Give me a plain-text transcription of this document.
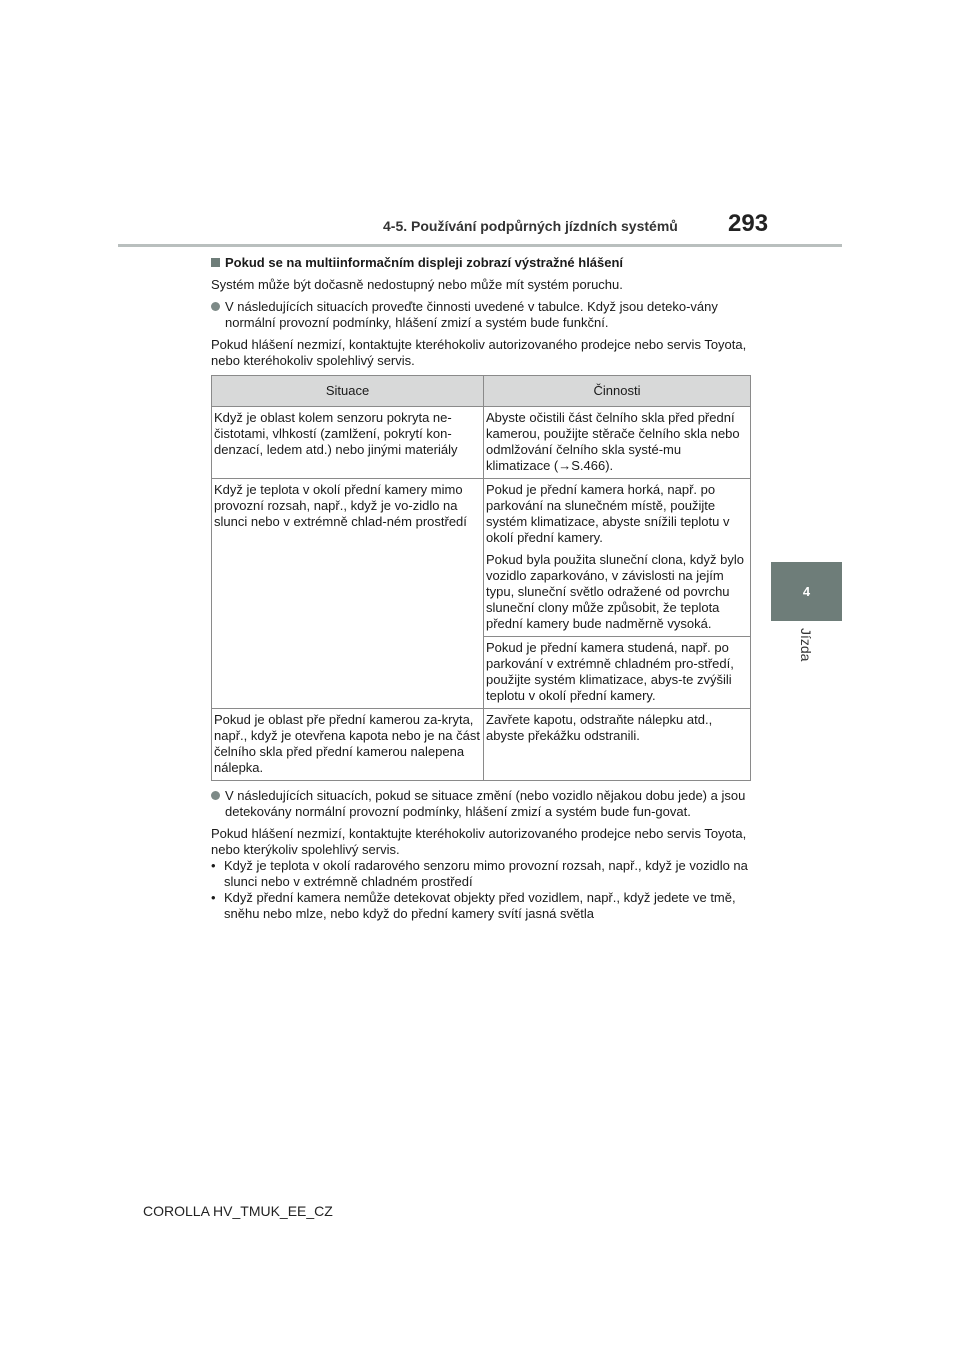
4-5. Používání podpůrných jízdních systémů	293
4
Jízda
Pokud se na multiinformačním displeji zobrazí výstražné hlášení

Systém může být dočasně nedostupný nebo může mít systém poruchu.

V následujících situacích proveďte činnosti uvedené v tabulce. Když jsou deteko-vány normální provozní podmínky, hlášení zmizí a systém bude funkční.

Pokud hlášení nezmizí, kontaktujte kteréhokoliv autorizovaného prodejce nebo servis Toyota, nebo kteréhokoliv spolehlivý servis.

Situace	Činnosti
Když je oblast kolem senzoru pokryta ne-čistotami, vlhkostí (zamlžení, pokrytí kon-denzací, ledem atd.) nebo jinými materiály	Abyste očistili část čelního skla před přední kamerou, použijte stěrače čelního skla nebo odmlžování čelního skla systé-mu klimatizace (→S.466).
Když je teplota v okolí přední kamery mimo provozní rozsah, např., když je vo-zidlo na slunci nebo v extrémně chlad-ném prostředí	Pokud je přední kamera horká, např. po parkování na slunečném místě, použijte systém klimatizace, abyste snížili teplotu v okolí přední kamery.

Pokud byla použita sluneční clona, když bylo vozidlo zaparkováno, v závislosti na jejím typu, sluneční světlo odražené od povrchu sluneční clony může způsobit, že teplota přední kamery bude nadměrně vysoká.

	Pokud je přední kamera studená, např. po parkování v extrémně chladném pro-středí, použijte systém klimatizace, abys-te zvýšili teplotu v okolí přední kamery.
Pokud je oblast pře přední kamerou za-kryta, např., když je otevřena kapota nebo je na část čelního skla před přední kamerou nalepena nálepka.	Zavřete kapotu, odstraňte nálepku atd., abyste překážku odstranili.
V následujících situacích, pokud se situace změní (nebo vozidlo nějakou dobu jede) a jsou detekovány normální provozní podmínky, hlášení zmizí a systém bude fun-govat.
Pokud hlášení nezmizí, kontaktujte kteréhokoliv autorizovaného prodejce nebo servis Toyota, nebo kterýkoliv spolehlivý servis.
• Když je teplota v okolí radarového senzoru mimo provozní rozsah, např., když je vozidlo na slunci nebo v extrémně chladném prostředí
• Když přední kamera nemůže detekovat objekty před vozidlem, např., když jedete ve tmě, sněhu nebo mlze, nebo když do přední kamery svítí jasná světla
COROLLA HV_TMUK_EE_CZ
